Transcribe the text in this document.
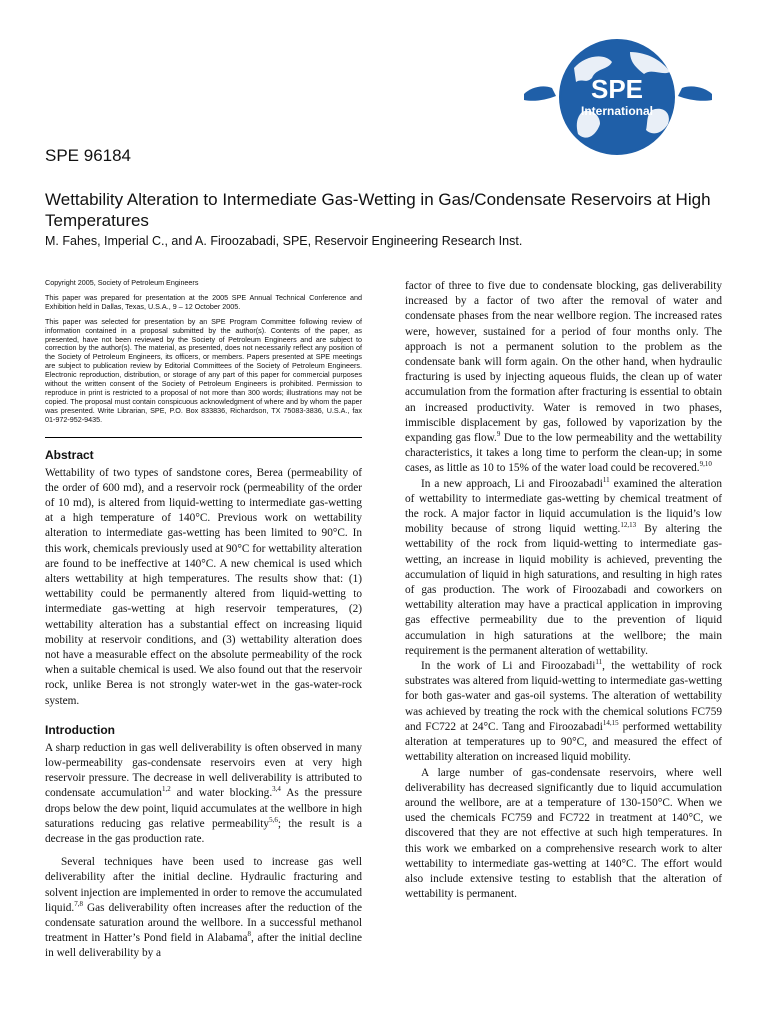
SPE
International
SPE 96184
Wettability Alteration to Intermediate Gas-Wetting in Gas/Condensate Reservoirs at High Temperatures
M. Fahes, Imperial C., and A. Firoozabadi, SPE, Reservoir Engineering Research Inst.

Copyright 2005, Society of Petroleum Engineers

This paper was prepared for presentation at the 2005 SPE Annual Technical Conference and Exhibition held in Dallas, Texas, U.S.A., 9 – 12 October 2005.

This paper was selected for presentation by an SPE Program Committee following review of information contained in a proposal submitted by the author(s). Contents of the paper, as presented, have not been reviewed by the Society of Petroleum Engineers and are subject to correction by the author(s). The material, as presented, does not necessarily reflect any position of the Society of Petroleum Engineers, its officers, or members. Papers presented at SPE meetings are subject to publication review by Editorial Committees of the Society of Petroleum Engineers. Electronic reproduction, distribution, or storage of any part of this paper for commercial purposes without the written consent of the Society of Petroleum Engineers is prohibited. Permission to reproduce in print is restricted to a proposal of not more than 300 words; illustrations may not be copied. The proposal must contain conspicuous acknowledgment of where and by whom the paper was presented. Write Librarian, SPE, P.O. Box 833836, Richardson, TX 75083-3836, U.S.A., fax 01-972-952-9435.

Abstract

Wettability of two types of sandstone cores, Berea (permeability of the order of 600 md), and a reservoir rock (permeability of the order of 10 md), is altered from liquid-wetting to intermediate gas-wetting at a high temperature of 140°C. Previous work on wettability alteration to intermediate gas-wetting has been limited to 90°C. In this work, chemicals previously used at 90°C for wettability alteration are found to be ineffective at 140°C. A new chemical is used which alters wettability at high temperatures. The results show that: (1) wettability could be permanently altered from liquid-wetting to intermediate gas-wetting at high reservoir temperatures, (2) wettability alteration has a substantial effect on increasing liquid mobility at reservoir conditions, and (3) wettability alteration does not have a measurable effect on the absolute permeability of the rock when a suitable chemical is used. We also found out that the reservoir rock, unlike Berea is not strongly water-wet in the gas-water-rock system.

Introduction

A sharp reduction in gas well deliverability is often observed in many low-permeability gas-condensate reservoirs even at very high reservoir pressure. The decrease in well deliverability is attributed to condensate accumulation$^{1,2}$ and water blocking.$^{3,4}$ As the pressure drops below the dew point, liquid accumulates at the wellbore in high saturations reducing gas relative permeability$^{5,6}$; the result is a decrease in the gas production rate.

Several techniques have been used to increase gas well deliverability after the initial decline. Hydraulic fracturing and solvent injection are implemented in order to remove the accumulated liquid.$^{7,8}$ Gas deliverability often increases after the reduction of the condensate saturation around the wellbore. In a successful methanol treatment in Hatter’s Pond field in Alabama$^8$, after the initial decline in well deliverability by a

factor of three to five due to condensate blocking, gas deliverability increased by a factor of two after the removal of water and condensate phases from the near wellbore region. The increased rates were, however, sustained for a period of four months only. The approach is not a permanent solution to the problem as the condensate bank will form again. On the other hand, when hydraulic fracturing is used by injecting aqueous fluids, the clean up of water accumulation from the formation after fracturing is essential to obtain an increased productivity. Water is removed in two phases, immiscible displacement by gas, followed by vaporization by the expanding gas flow.$^9$ Due to the low permeability and the wettability characteristics, it takes a long time to perform the clean-up; in some cases, as little as 10 to 15% of the water load could be recovered.$^{9,10}$

In a new approach, Li and Firoozabadi$^{11}$ examined the alteration of wettability to intermediate gas-wetting by chemical treatment of the rock. A major factor in liquid accumulation is the liquid’s low mobility because of strong liquid wetting.$^{12,13}$ By altering the wettability of the rock from liquid-wetting to intermediate gas-wetting, an increase in liquid mobility is achieved, preventing the accumulation of liquid in high saturations, and resulting in high rates of gas production. The work of Firoozabadi and coworkers on wettability alteration may have a practical application in improving gas effective permeability due to the prevention of liquid accumulation in high saturations at the wellbore; the main requirement is the permanent alteration of wettability.

In the work of Li and Firoozabadi$^{11}$, the wettability of rock substrates was altered from liquid-wetting to intermediate gas-wetting for both gas-water and gas-oil systems. The alteration of wettability was achieved by treating the rock with the chemical solutions FC759 and FC722 at 24°C. Tang and Firoozabadi$^{14,15}$ performed wettability alteration at temperatures up to 90°C, and measured the effect of wettability alteration on increased liquid mobility.

A large number of gas-condensate reservoirs, where well deliverability has decreased significantly due to liquid accumulation around the wellbore, are at a temperature of 130-150°C. When we used the chemicals FC759 and FC722 in treatment at 140°C, we discovered that they are not effective at such high temperatures. In this work we embarked on a comprehensive research work to alter wettability to intermediate gas-wetting at 140°C. The effort would also include extensive testing to establish that the alteration of wettability is permanent.
